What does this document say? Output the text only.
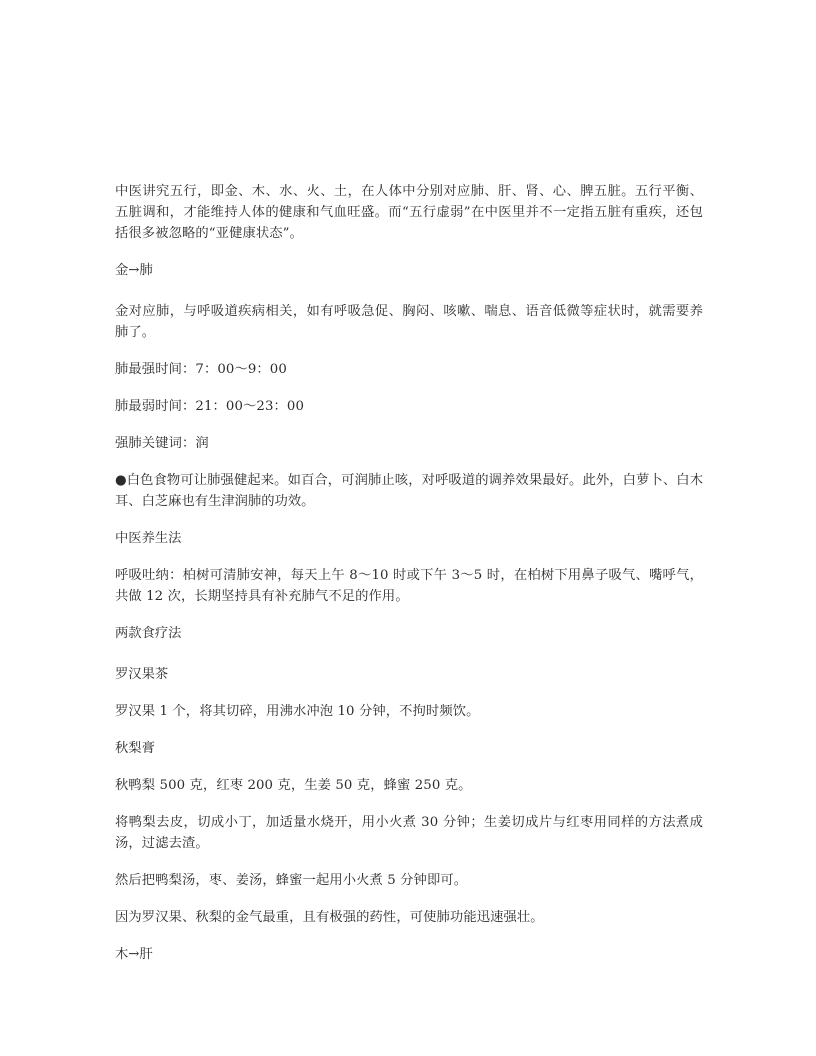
中医讲究五行，即金、木、水、火、土，在人体中分别对应肺、肝、肾、心、脾五脏。五行平衡、五脏调和，才能维持人体的健康和气血旺盛。而“五行虚弱”在中医里并不一定指五脏有重疾，还包括很多被忽略的“亚健康状态”。

金→肺

金对应肺，与呼吸道疾病相关，如有呼吸急促、胸闷、咳嗽、喘息、语音低微等症状时，就需要养肺了。

肺最强时间：7：00～9：00

肺最弱时间：21：00～23：00

强肺关键词：润

●白色食物可让肺强健起来。如百合，可润肺止咳，对呼吸道的调养效果最好。此外，白萝卜、白木耳、白芝麻也有生津润肺的功效。

中医养生法

呼吸吐纳：柏树可清肺安神，每天上午 8～10 时或下午 3～5 时，在柏树下用鼻子吸气、嘴呼气，共做 12 次，长期坚持具有补充肺气不足的作用。

两款食疗法

罗汉果茶

罗汉果 1 个，将其切碎，用沸水冲泡 10 分钟，不拘时频饮。

秋梨膏

秋鸭梨 500 克，红枣 200 克，生姜 50 克，蜂蜜 250 克。

将鸭梨去皮，切成小丁，加适量水烧开，用小火煮 30 分钟；生姜切成片与红枣用同样的方法煮成汤，过滤去渣。

然后把鸭梨汤，枣、姜汤，蜂蜜一起用小火煮 5 分钟即可。

因为罗汉果、秋梨的金气最重，且有极强的药性，可使肺功能迅速强壮。

木→肝
